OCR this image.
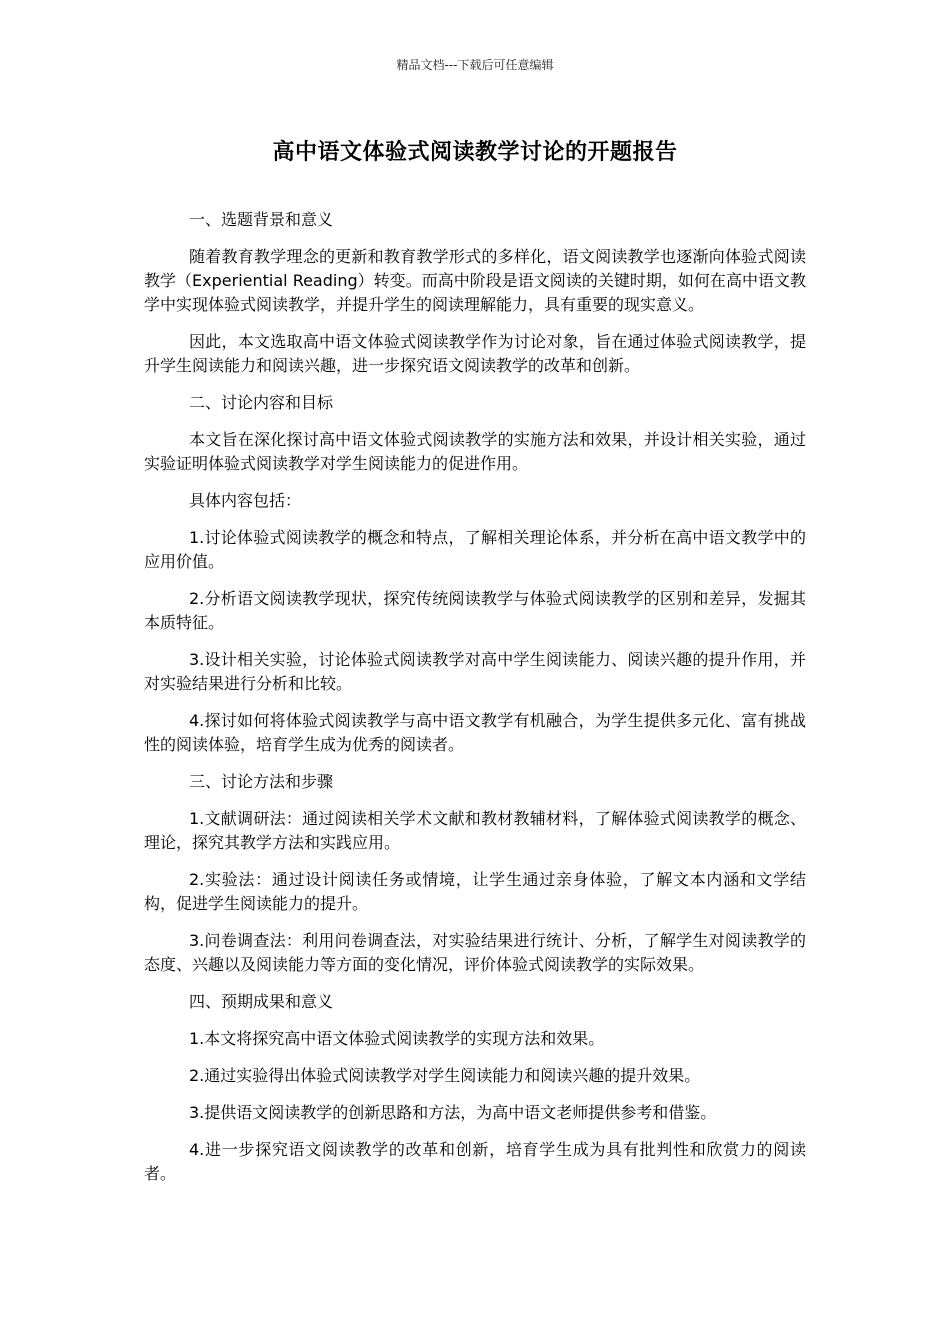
精品文档---下载后可任意编辑
高中语文体验式阅读教学讨论的开题报告
一、选题背景和意义

随着教育教学理念的更新和教育教学形式的多样化，语文阅读教学也逐渐向体验式阅读教学（Experiential Reading）转变。而高中阶段是语文阅读的关键时期，如何在高中语文教学中实现体验式阅读教学，并提升学生的阅读理解能力，具有重要的现实意义。

因此，本文选取高中语文体验式阅读教学作为讨论对象，旨在通过体验式阅读教学，提升学生阅读能力和阅读兴趣，进一步探究语文阅读教学的改革和创新。

二、讨论内容和目标

本文旨在深化探讨高中语文体验式阅读教学的实施方法和效果，并设计相关实验，通过实验证明体验式阅读教学对学生阅读能力的促进作用。

具体内容包括：

1.讨论体验式阅读教学的概念和特点，了解相关理论体系，并分析在高中语文教学中的应用价值。

2.分析语文阅读教学现状，探究传统阅读教学与体验式阅读教学的区别和差异，发掘其本质特征。

3.设计相关实验，讨论体验式阅读教学对高中学生阅读能力、阅读兴趣的提升作用，并对实验结果进行分析和比较。

4.探讨如何将体验式阅读教学与高中语文教学有机融合，为学生提供多元化、富有挑战性的阅读体验，培育学生成为优秀的阅读者。

三、讨论方法和步骤

1.文献调研法：通过阅读相关学术文献和教材教辅材料，了解体验式阅读教学的概念、理论，探究其教学方法和实践应用。

2.实验法：通过设计阅读任务或情境，让学生通过亲身体验，了解文本内涵和文学结构，促进学生阅读能力的提升。

3.问卷调查法：利用问卷调查法，对实验结果进行统计、分析，了解学生对阅读教学的态度、兴趣以及阅读能力等方面的变化情况，评价体验式阅读教学的实际效果。

四、预期成果和意义

1.本文将探究高中语文体验式阅读教学的实现方法和效果。

2.通过实验得出体验式阅读教学对学生阅读能力和阅读兴趣的提升效果。

3.提供语文阅读教学的创新思路和方法，为高中语文老师提供参考和借鉴。

4.进一步探究语文阅读教学的改革和创新，培育学生成为具有批判性和欣赏力的阅读者。
